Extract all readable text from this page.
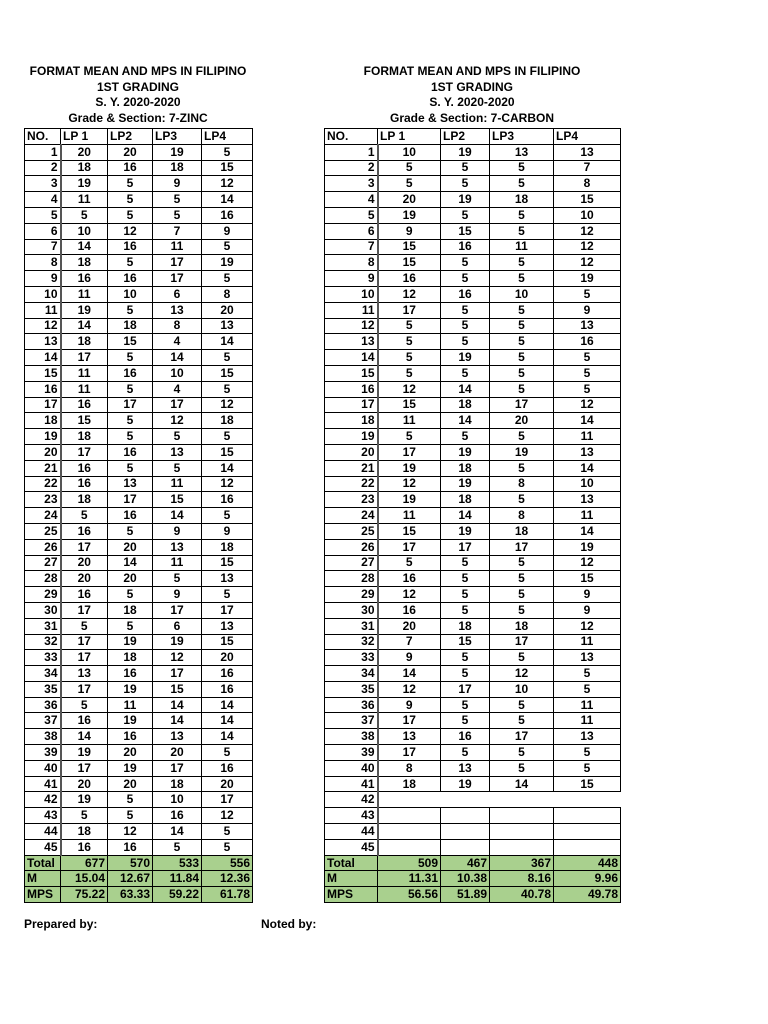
FORMAT MEAN AND MPS IN FILIPINO
1ST GRADING
S. Y. 2020-2020
Grade & Section: 7-ZINC
FORMAT MEAN AND MPS IN FILIPINO
1ST GRADING
S. Y. 2020-2020
Grade & Section: 7-CARBON
NO.	LP 1	LP2	LP3	LP4
1	20	20	19	5
2	18	16	18	15
3	19	5	9	12
4	11	5	5	14
5	5	5	5	16
6	10	12	7	9
7	14	16	11	5
8	18	5	17	19
9	16	16	17	5
10	11	10	6	8
11	19	5	13	20
12	14	18	8	13
13	18	15	4	14
14	17	5	14	5
15	11	16	10	15
16	11	5	4	5
17	16	17	17	12
18	15	5	12	18
19	18	5	5	5
20	17	16	13	15
21	16	5	5	14
22	16	13	11	12
23	18	17	15	16
24	5	16	14	5
25	16	5	9	9
26	17	20	13	18
27	20	14	11	15
28	20	20	5	13
29	16	5	9	5
30	17	18	17	17
31	5	5	6	13
32	17	19	19	15
33	17	18	12	20
34	13	16	17	16
35	17	19	15	16
36	5	11	14	14
37	16	19	14	14
38	14	16	13	14
39	19	20	20	5
40	17	19	17	16
41	20	20	18	20
42	19	5	10	17
43	5	5	16	12
44	18	12	14	5
45	16	16	5	5
Total	677	570	533	556
M	15.04	12.67	11.84	12.36
MPS	75.22	63.33	59.22	61.78
NO.	LP 1	LP2	LP3	LP4
1	10	19	13	13
2	5	5	5	7
3	5	5	5	8
4	20	19	18	15
5	19	5	5	10
6	9	15	5	12
7	15	16	11	12
8	15	5	5	12
9	16	5	5	19
10	12	16	10	5
11	17	5	5	9
12	5	5	5	13
13	5	5	5	16
14	5	19	5	5
15	5	5	5	5
16	12	14	5	5
17	15	18	17	12
18	11	14	20	14
19	5	5	5	11
20	17	19	19	13
21	19	18	5	14
22	12	19	8	10
23	19	18	5	13
24	11	14	8	11
25	15	19	18	14
26	17	17	17	19
27	5	5	5	12
28	16	5	5	15
29	12	5	5	9
30	16	5	5	9
31	20	18	18	12
32	7	15	17	11
33	9	5	5	13
34	14	5	12	5
35	12	17	10	5
36	9	5	5	11
37	17	5	5	11
38	13	16	17	13
39	17	5	5	5
40	8	13	5	5
41	18	19	14	15
42				
43				
44				
45				
Total	509	467	367	448
M	11.31	10.38	8.16	9.96
MPS	56.56	51.89	40.78	49.78
Prepared by:	Noted by:
